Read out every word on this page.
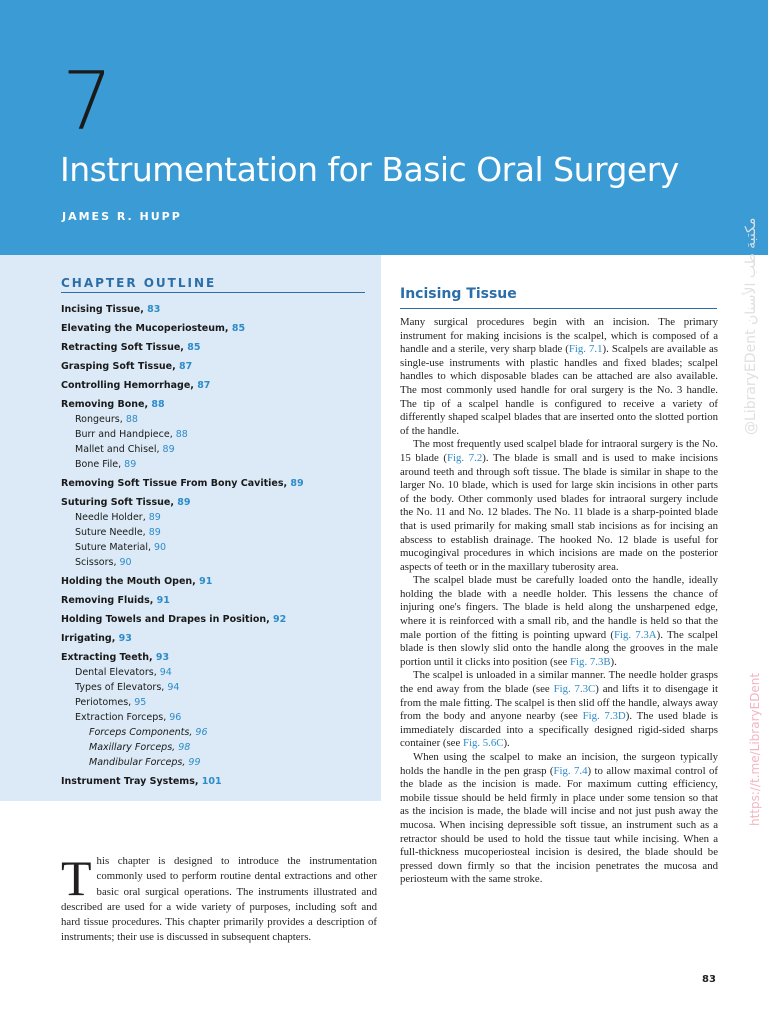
7
Instrumentation for Basic Oral Surgery
JAMES R. HUPP
CHAPTER OUTLINE
Incising Tissue, 83
Elevating the Mucoperiosteum, 85
Retracting Soft Tissue, 85
Grasping Soft Tissue, 87
Controlling Hemorrhage, 87
Removing Bone, 88
Rongeurs, 88
Burr and Handpiece, 88
Mallet and Chisel, 89
Bone File, 89
Removing Soft Tissue From Bony Cavities, 89
Suturing Soft Tissue, 89
Needle Holder, 89
Suture Needle, 89
Suture Material, 90
Scissors, 90
Holding the Mouth Open, 91
Removing Fluids, 91
Holding Towels and Drapes in Position, 92
Irrigating, 93
Extracting Teeth, 93
Dental Elevators, 94
Types of Elevators, 94
Periotomes, 95
Extraction Forceps, 96
Forceps Components, 96
Maxillary Forceps, 98
Mandibular Forceps, 99
Instrument Tray Systems, 101

This chapter is designed to introduce the instrumentation commonly used to perform routine dental extractions and other basic oral surgical operations. The instruments illustrated and described are used for a wide variety of purposes, including soft and hard tissue procedures. This chapter primarily provides a description of instruments; their use is discussed in subsequent chapters.

Incising Tissue

Many surgical procedures begin with an incision. The primary instrument for making incisions is the scalpel, which is composed of a handle and a sterile, very sharp blade (Fig. 7.1). Scalpels are available as single-use instruments with plastic handles and fixed blades; scalpel handles to which disposable blades can be attached are also available. The most commonly used handle for oral surgery is the No. 3 handle. The tip of a scalpel handle is configured to receive a variety of differently shaped scalpel blades that are inserted onto the slotted portion of the handle.

The most frequently used scalpel blade for intraoral surgery is the No. 15 blade (Fig. 7.2). The blade is small and is used to make incisions around teeth and through soft tissue. The blade is similar in shape to the larger No. 10 blade, which is used for large skin incisions in other parts of the body. Other commonly used blades for intraoral surgery include the No. 11 and No. 12 blades. The No. 11 blade is a sharp-pointed blade that is used primarily for making small stab incisions as for incising an abscess to establish drainage. The hooked No. 12 blade is useful for mucogingival procedures in which incisions are made on the posterior aspects of teeth or in the maxillary tuberosity area.

The scalpel blade must be carefully loaded onto the handle, ideally holding the blade with a needle holder. This lessens the chance of injuring one's fingers. The blade is held along the unsharpened edge, where it is reinforced with a small rib, and the handle is held so that the male portion of the fitting is pointing upward (Fig. 7.3A). The scalpel blade is then slowly slid onto the handle along the grooves in the male portion until it clicks into position (see Fig. 7.3B).

The scalpel is unloaded in a similar manner. The needle holder grasps the end away from the blade (see Fig. 7.3C) and lifts it to disengage it from the male fitting. The scalpel is then slid off the handle, always away from the body and anyone nearby (see Fig. 7.3D). The used blade is immediately discarded into a specifically designed rigid-sided sharps container (see Fig. 5.6C).

When using the scalpel to make an incision, the surgeon typically holds the handle in the pen grasp (Fig. 7.4) to allow maximal control of the blade as the incision is made. For maximum cutting efficiency, mobile tissue should be held firmly in place under some tension so that as the incision is made, the blade will incise and not just push away the mucosa. When incising depressible soft tissue, an instrument such as a retractor should be used to hold the tissue taut while incising. When a full-thickness mucoperiosteal incision is desired, the blade should be pressed down firmly so that the incision penetrates the mucosa and periosteum with the same stroke.

83
@LibraryEDent مكتبة طب الأسنان
https://t.me/LibraryEDent
